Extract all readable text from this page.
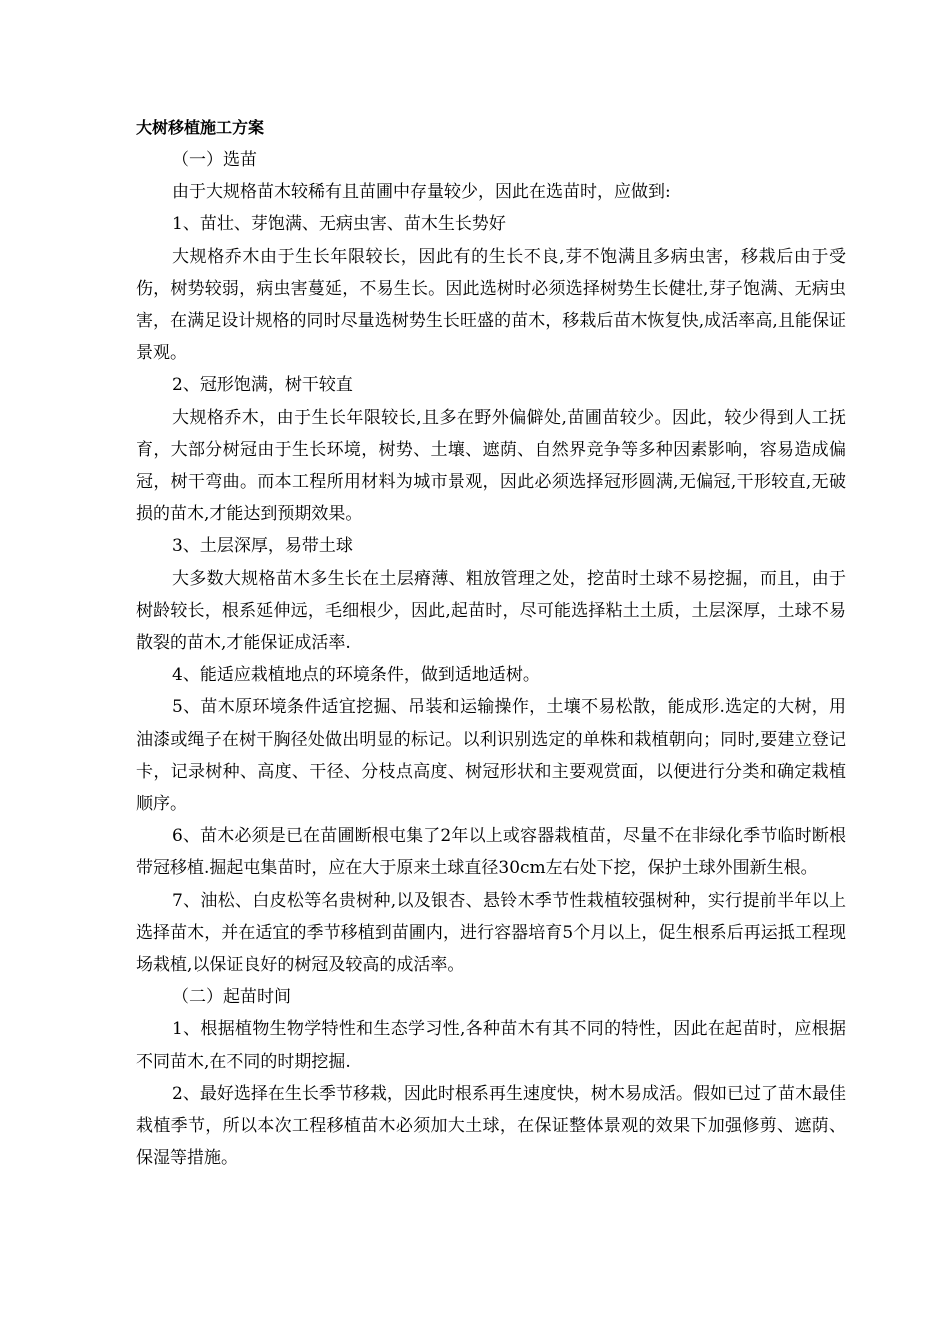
大树移植施工方案

（一）选苗

由于大规格苗木较稀有且苗圃中存量较少，因此在选苗时，应做到:

1、苗壮、芽饱满、无病虫害、苗木生长势好

大规格乔木由于生长年限较长，因此有的生长不良,芽不饱满且多病虫害，移栽后由于受伤，树势较弱，病虫害蔓延，不易生长。因此选树时必须选择树势生长健壮,芽子饱满、无病虫害，在满足设计规格的同时尽量选树势生长旺盛的苗木，移栽后苗木恢复快,成活率高,且能保证景观。

2、冠形饱满，树干较直

大规格乔木，由于生长年限较长,且多在野外偏僻处,苗圃苗较少。因此，较少得到人工抚育，大部分树冠由于生长环境，树势、土壤、遮荫、自然界竞争等多种因素影响，容易造成偏冠，树干弯曲。而本工程所用材料为城市景观，因此必须选择冠形圆满,无偏冠,干形较直,无破损的苗木,才能达到预期效果。

3、土层深厚，易带土球

大多数大规格苗木多生长在土层瘠薄、粗放管理之处，挖苗时土球不易挖掘，而且，由于树龄较长，根系延伸远，毛细根少，因此,起苗时，尽可能选择粘土土质，土层深厚，土球不易散裂的苗木,才能保证成活率.

4、能适应栽植地点的环境条件，做到适地适树。

5、苗木原环境条件适宜挖掘、吊装和运输操作，土壤不易松散，能成形.选定的大树，用油漆或绳子在树干胸径处做出明显的标记。以利识别选定的单株和栽植朝向；同时,要建立登记卡，记录树种、高度、干径、分枝点高度、树冠形状和主要观赏面，以便进行分类和确定栽植顺序。

6、苗木必须是已在苗圃断根屯集了2年以上或容器栽植苗，尽量不在非绿化季节临时断根带冠移植.掘起屯集苗时，应在大于原来土球直径30cm左右处下挖，保护土球外围新生根。

7、油松、白皮松等名贵树种,以及银杏、悬铃木季节性栽植较强树种，实行提前半年以上选择苗木，并在适宜的季节移植到苗圃内，进行容器培育5个月以上，促生根系后再运抵工程现场栽植,以保证良好的树冠及较高的成活率。

（二）起苗时间

1、根据植物生物学特性和生态学习性,各种苗木有其不同的特性，因此在起苗时，应根据不同苗木,在不同的时期挖掘.

2、最好选择在生长季节移栽，因此时根系再生速度快，树木易成活。假如已过了苗木最佳栽植季节，所以本次工程移植苗木必须加大土球，在保证整体景观的效果下加强修剪、遮荫、保湿等措施。
